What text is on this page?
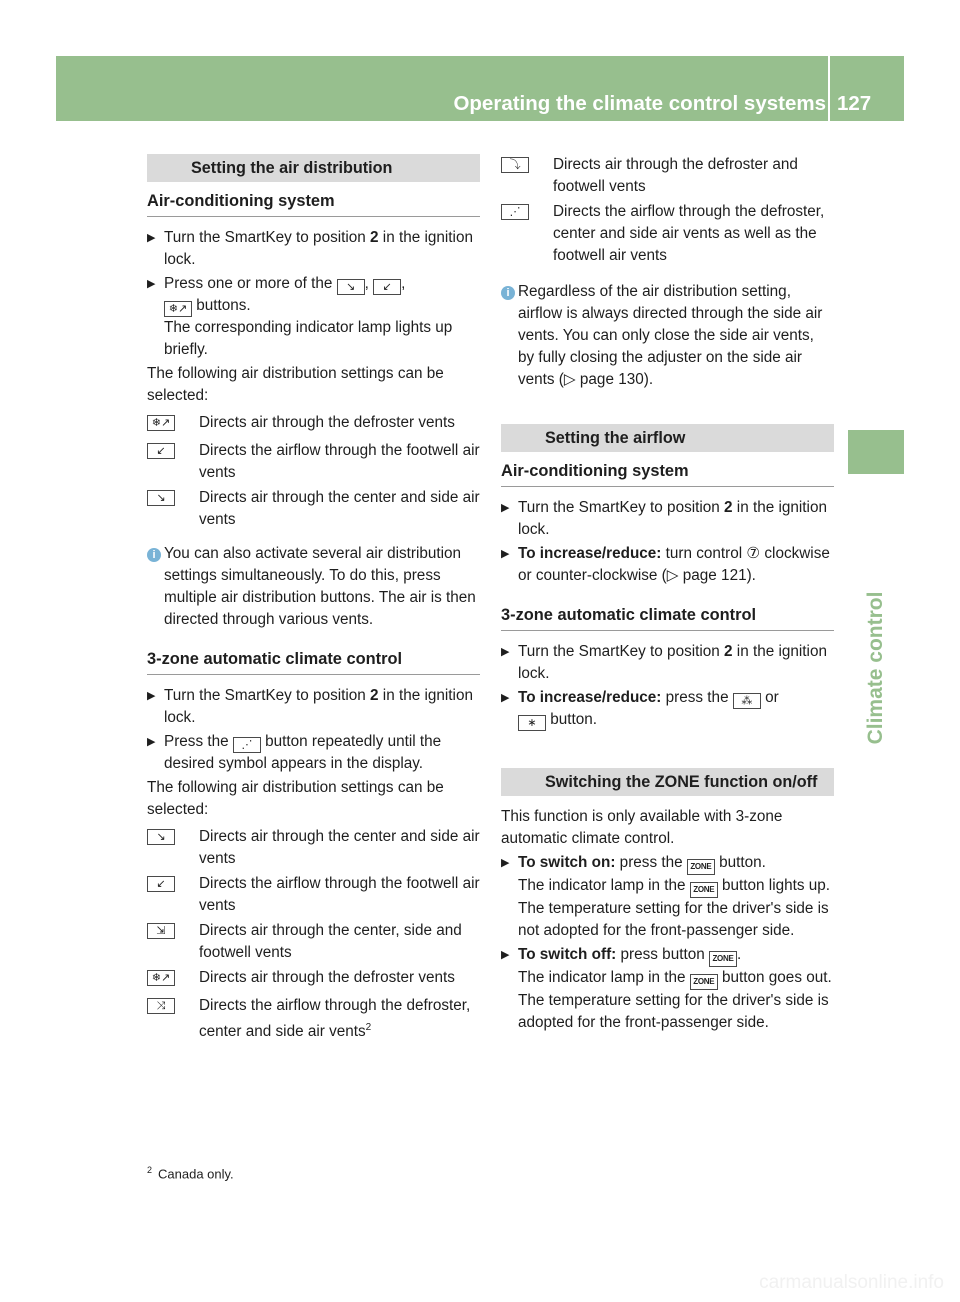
Operating the climate control systems 127
Climate control
Setting the air distribution
Air-conditioning system
▶ Turn the SmartKey to position 2 in the ignition lock.

▶ Press one or more of the ↘ , ↙ ,
❄↗ buttons.
The corresponding indicator lamp lights up briefly.

The following air distribution settings can be selected:

❄↗	Directs air through the defroster vents

↙	Directs the airflow through the footwell air vents

↘	Directs air through the center and side air vents

i You can also activate several air distribution settings simultaneously. To do this, press multiple air distribution buttons. The air is then directed through various vents.

3-zone automatic climate control
▶ Turn the SmartKey to position 2 in the ignition lock.

▶ Press the ⋰ button repeatedly until the desired symbol appears in the display.

The following air distribution settings can be selected:

↘	Directs air through the center and side air vents

↙	Directs the airflow through the footwell air vents

⇲	Directs air through the center, side and footwell vents

❄↗	Directs air through the defroster vents

⤨	Directs the airflow through the defroster, center and side air vents$^2$

⤵	Directs air through the defroster and footwell vents

⋰	Directs the airflow through the defroster, center and side air vents as well as the footwell air vents

i Regardless of the air distribution setting, airflow is always directed through the side air vents. You can only close the side air vents, by fully closing the adjuster on the side air vents (▷ page 130).

Setting the airflow
Air-conditioning system
▶ Turn the SmartKey to position 2 in the ignition lock.

▶ To increase/reduce: turn control ⑦ clockwise or counter-clockwise (▷ page 121).

3-zone automatic climate control
▶ Turn the SmartKey to position 2 in the ignition lock.

▶ To increase/reduce: press the ⁂ or
∗ button.

Switching the ZONE function on/off

This function is only available with 3-zone automatic climate control.

▶ To switch on: press the ZONE button.
The indicator lamp in the ZONE button lights up. The temperature setting for the driver's side is not adopted for the front-passenger side.

▶ To switch off: press button ZONE .
The indicator lamp in the ZONE button goes out. The temperature setting for the driver's side is adopted for the front-passenger side.

$^2$ Canada only.
carmanualsonline.info
